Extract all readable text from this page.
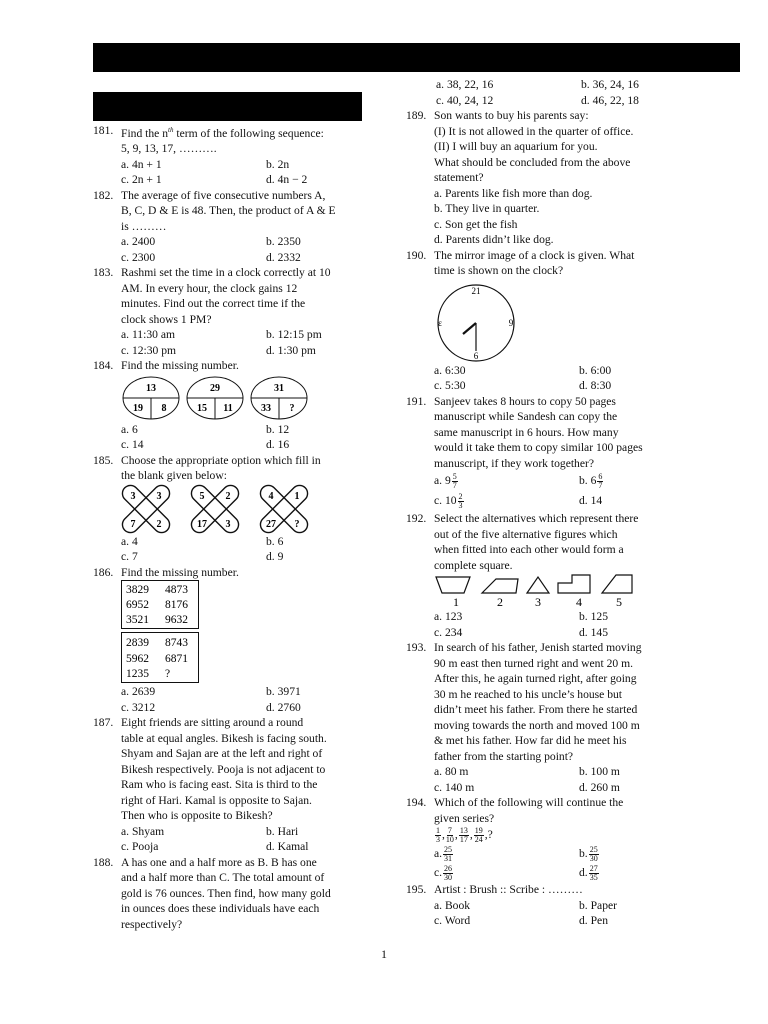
181. Find the $n^{th}$ term of the following sequence:
5, 9, 13, 17, ……….
a. 4n + 1	b. 2n
c. 2n + 1	d. 4n − 2
182. The average of five consecutive numbers A,
B, C, D & E is 48. Then, the product of A & E
is ………
a. 2400	b. 2350
c. 2300	d. 2332
183. Rashmi set the time in a clock correctly at 10
AM. In every hour, the clock gains 12
minutes. Find out the correct time if the
clock shows 1 PM?
a. 11:30 am	b. 12:15 pm
c. 12:30 pm	d. 1:30 pm
184. Find the missing number.
13
19 8
29
15 11
31
33 ?
a. 6	b. 12
c. 14	d. 16
185. Choose the appropriate option which fill in
the blank given below:
3 3
7 2
5 2
17 3
4 1
27 ?
a. 4	b. 6
c. 7	d. 9
186. Find the missing number.
3829 4873
6952 8176
3521 9632
2839 8743
5962 6871
1235 ?
a. 2639	b. 3971
c. 3212	d. 2760
187. Eight friends are sitting around a round
table at equal angles. Bikesh is facing south.
Shyam and Sajan are at the left and right of
Bikesh respectively. Pooja is not adjacent to
Ram who is facing east. Sita is third to the
right of Hari. Kamal is opposite to Sajan.
Then who is opposite to Bikesh?
a. Shyam	b. Hari
c. Pooja	d. Kamal
188. A has one and a half more as B. B has one
and a half more than C. The total amount of
gold is 76 ounces. Then find, how many gold
in ounces does these individuals have each
respectively?
a. 38, 22, 16	b. 36, 24, 16
c. 40, 24, 12	d. 46, 22, 18
189. Son wants to buy his parents say:
(I) It is not allowed in the quarter of office.
(II) I will buy an aquarium for you.
What should be concluded from the above
statement?
a. Parents like fish more than dog.
b. They live in quarter.
c. Son get the fish
d. Parents didn’t like dog.
190. The mirror image of a clock is given. What
time is shown on the clock?
21
ɛ	9
6
a. 6:30	b. 6:00
c. 5:30	d. 8:30
191. Sanjeev takes 8 hours to copy 50 pages
manuscript while Sandesh can copy the
same manuscript in 6 hours. How many
would it take them to copy similar 100 pages
manuscript, if they work together?
a. $9 \frac{5}{7}$	b. $6 \frac{6}{7}$
c. $10 \frac{2}{3}$	d. 14
192. Select the alternatives which represent there
out of the five alternative figures which
when fitted into each other would form a
complete square.
1	2	3	4	5
a. 123	b. 125
c. 234	d. 145
193. In search of his father, Jenish started moving
90 m east then turned right and went 20 m.
After this, he again turned right, after going
30 m he reached to his uncle’s house but
didn’t meet his father. From there he started
moving towards the north and moved 100 m
& met his father. How far did he meet his
father from the starting point?
a. 80 m	b. 100 m
c. 140 m	d. 260 m
194. Which of the following will continue the
given series?
$\frac{1}{3}$ , $\frac{7}{10}$ , $\frac{13}{17}$ , $\frac{19}{24}$ ,?
a. $\frac{25}{31}$	b. $\frac{25}{30}$
c. $\frac{26}{30}$	d. $\frac{27}{35}$
195. Artist : Brush :: Scribe : ………
a. Book	b. Paper
c. Word	d. Pen
1
